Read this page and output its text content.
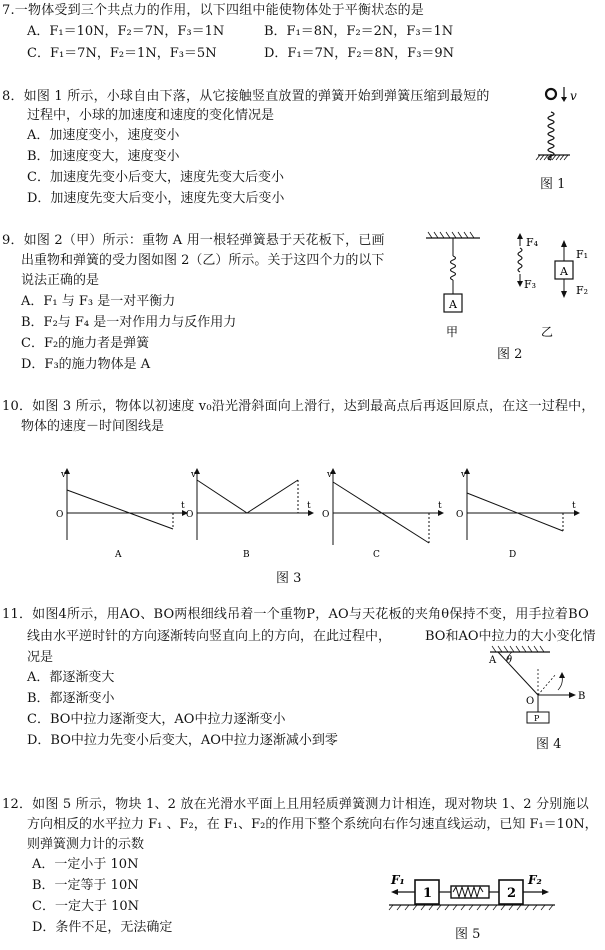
7.一物体受到三个共点力的作用，以下四组中能使物体处于平衡状态的是
A．F₁＝10N，F₂＝7N，F₃＝1N	B．F₁＝8N，F₂＝2N，F₃＝1N
C．F₁＝7N，F₂＝1N，F₃＝5N	D．F₁＝7N，F₂＝8N，F₃＝9N
8．如图 1 所示，小球自由下落，从它接触竖直放置的弹簧开始到弹簧压缩到最短的
过程中，小球的加速度和速度的变化情况是
A．加速度变小，速度变小
B．加速度变大，速度变小
C．加速度先变小后变大，速度先变大后变小
D．加速度先变大后变小，速度先变大后变小
v
图 1
9．如图 2（甲）所示：重物 A 用一根轻弹簧悬于天花板下，已画
出重物和弹簧的受力图如图 2（乙）所示。关于这四个力的以下
说法正确的是
A．F₁ 与 F₃ 是一对平衡力
B．F₂与 F₄ 是一对作用力与反作用力
C．F₂的施力者是弹簧
D．F₃的施力物体是 A
A
F₄
F₃
A
F₁
F₂
甲	乙
图 2
10．如图 3 所示，物体以初速度 v₀沿光滑斜面向上滑行，达到最高点后再返回原点，在这一过程中，
物体的速度－时间图线是
v
O
t
A
v
O
t
B
v
O
t
C
v
O
t
D
图 3
11．如图4所示，用AO、BO两根细线吊着一个重物P，AO与天花板的夹角θ保持不变，用手拉着BO
线由水平逆时针的方向逐渐转向竖直向上的方向，在此过程中，	BO和AO中拉力的大小变化情
况是
A．都逐渐变大
B．都逐渐变小
C．BO中拉力逐渐变大，AO中拉力逐渐变小
D．BO中拉力先变小后变大，AO中拉力逐渐减小到零
A θ
B
O
P
图 4
12．如图 5 所示，物块 1、2 放在光滑水平面上且用轻质弹簧测力计相连，现对物块 1、2 分别施以
方向相反的水平拉力 F₁ 、F₂，在 F₁、F₂的作用下整个系统向右作匀速直线运动，已知 F₁＝10N，
则弹簧测力计的示数
A．一定小于 10N
B．一定等于 10N
C．一定大于 10N
D．条件不足，无法确定
F₁	F₂
1	2
图 5
